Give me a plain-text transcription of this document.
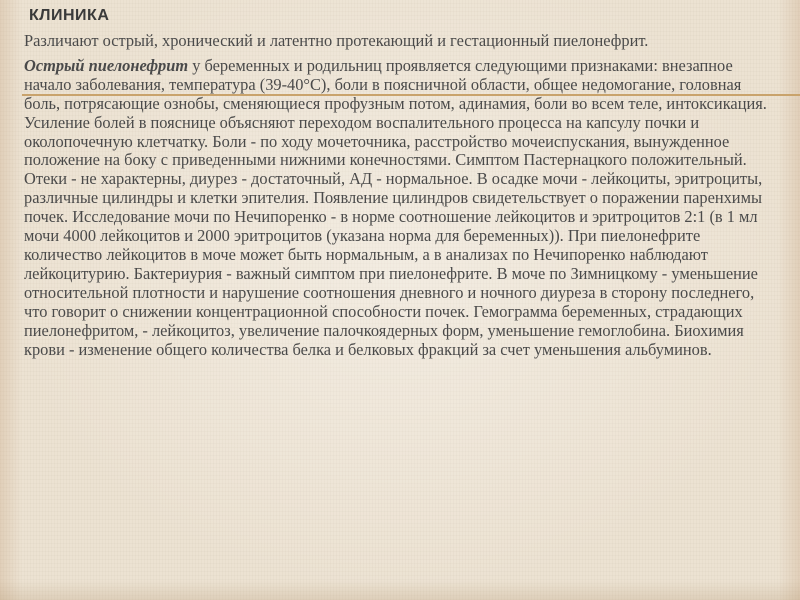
КЛИНИКА

Различают острый, хронический и латентно протекающий и гестационный пиелонефрит.

Острый пиелонефрит у беременных и родильниц проявляется следующими признаками: внезапное начало заболевания, температура (39-40°С), боли в поясничной области, общее недомогание, головная боль, потрясающие ознобы, сменяющиеся профузным потом, адинамия, боли во всем теле, интоксикация. Усиление болей в пояснице объясняют переходом воспалительного процесса на капсулу почки и околопочечную клетчатку. Боли - по ходу мочеточника, расстройство мочеиспускания, вынужденное положение на боку с приведенными нижними конечностями. Симптом Пастернацкого положительный. Отеки - не характерны, диурез - достаточный, АД - нормальное. В осадке мочи - лейкоциты, эритроциты, различные цилиндры и клетки эпителия. Появление цилиндров свидетельствует о поражении паренхимы почек. Исследование мочи по Нечипоренко - в норме соотношение лейкоцитов и эритроцитов 2:1 (в 1 мл мочи 4000 лейкоцитов и 2000 эритроцитов (указана норма для беременных)). При пиелонефрите количество лейкоцитов в моче может быть нормальным, а в анализах по Нечипоренко наблюдают лейкоцитурию. Бактериурия - важный симптом при пиелонефрите. В моче по Зимницкому - уменьшение относительной плотности и нарушение соотношения дневного и ночного диуреза в сторону последнего, что говорит о снижении концентрационной способности почек. Гемограмма беременных, страдающих пиелонефритом, - лейкоцитоз, увеличение палочкоядерных форм, уменьшение гемоглобина. Биохимия крови - изменение общего количества белка и белковых фракций за счет уменьшения альбуминов.
